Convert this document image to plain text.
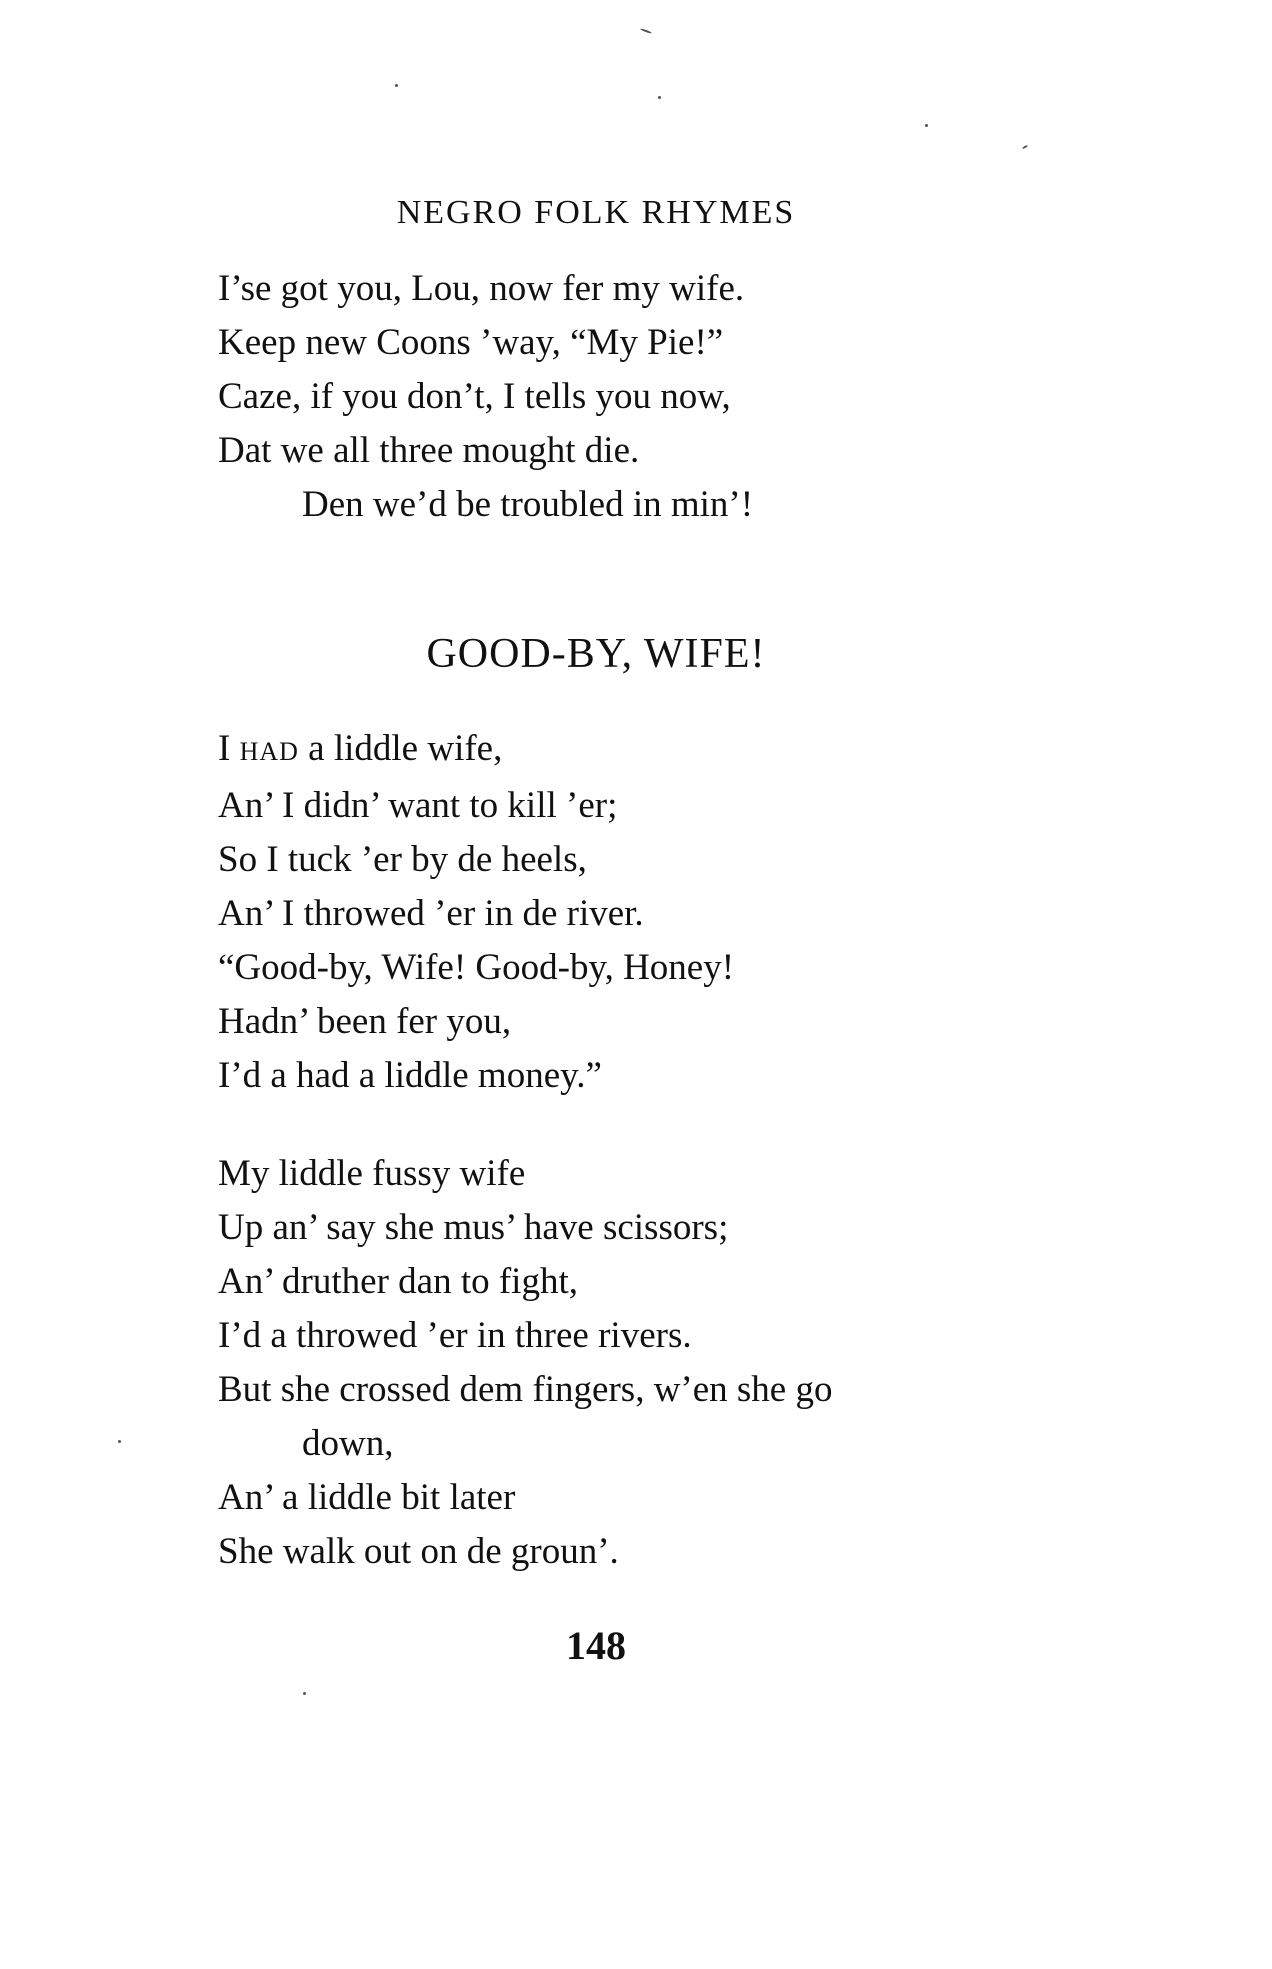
NEGRO FOLK RHYMES
I’se got you, Lou, now fer my wife.
Keep new Coons ’way, “My Pie!”
Caze, if you don’t, I tells you now,
Dat we all three mought die.
Den we’d be troubled in min’!
GOOD-BY, WIFE!
I HAD a liddle wife,
An’ I didn’ want to kill ’er;
So I tuck ’er by de heels,
An’ I throwed ’er in de river.
“Good-by, Wife! Good-by, Honey!
Hadn’ been fer you,
I’d a had a liddle money.”
My liddle fussy wife
Up an’ say she mus’ have scissors;
An’ druther dan to fight,
I’d a throwed ’er in three rivers.
But she crossed dem fingers, w’en she go
down,
An’ a liddle bit later
She walk out on de groun’.
148
